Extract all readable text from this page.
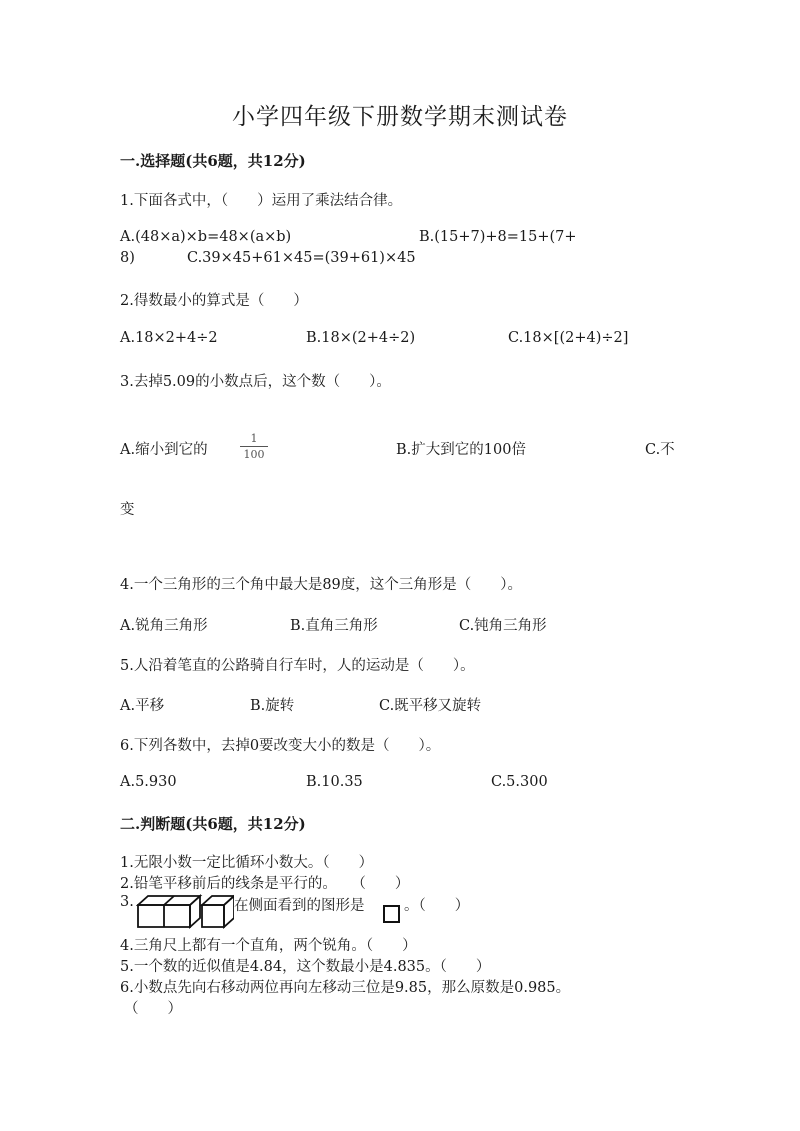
小学四年级下册数学期末测试卷
一.选择题(共6题，共12分)
1.下面各式中，（　　）运用了乘法结合律。
A.(48×a)×b=48×(a×b)	B.(15+7)+8=15+(7+
8)	C.39×45+61×45=(39+61)×45
2.得数最小的算式是（　　）
A.18×2+4÷2	B.18×(2+4÷2)	C.18×[(2+4)÷2]
3.去掉5.09的小数点后，这个数（　　）。
A.缩小到它的
1
100	B.扩大到它的100倍	C.不
变
4.一个三角形的三个角中最大是89度，这个三角形是（　　）。
A.锐角三角形	B.直角三角形	C.钝角三角形
5.人沿着笔直的公路骑自行车时，人的运动是（　　）。
A.平移	B.旋转	C.既平移又旋转
6.下列各数中，去掉0要改变大小的数是（　　）。
A.5.930	B.10.35	C.5.300
二.判断题(共6题，共12分)
1.无限小数一定比循环小数大。（　　）
2.铅笔平移前后的线条是平行的。　　（　　）
3.	在侧面看到的图形是	。（　　）
4.三角尺上都有一个直角，两个锐角。（　　）
5.一个数的近似值是4.84，这个数最小是4.835。（　　）
6.小数点先向右移动两位再向左移动三位是9.85，那么原数是0.985。
（　　）
